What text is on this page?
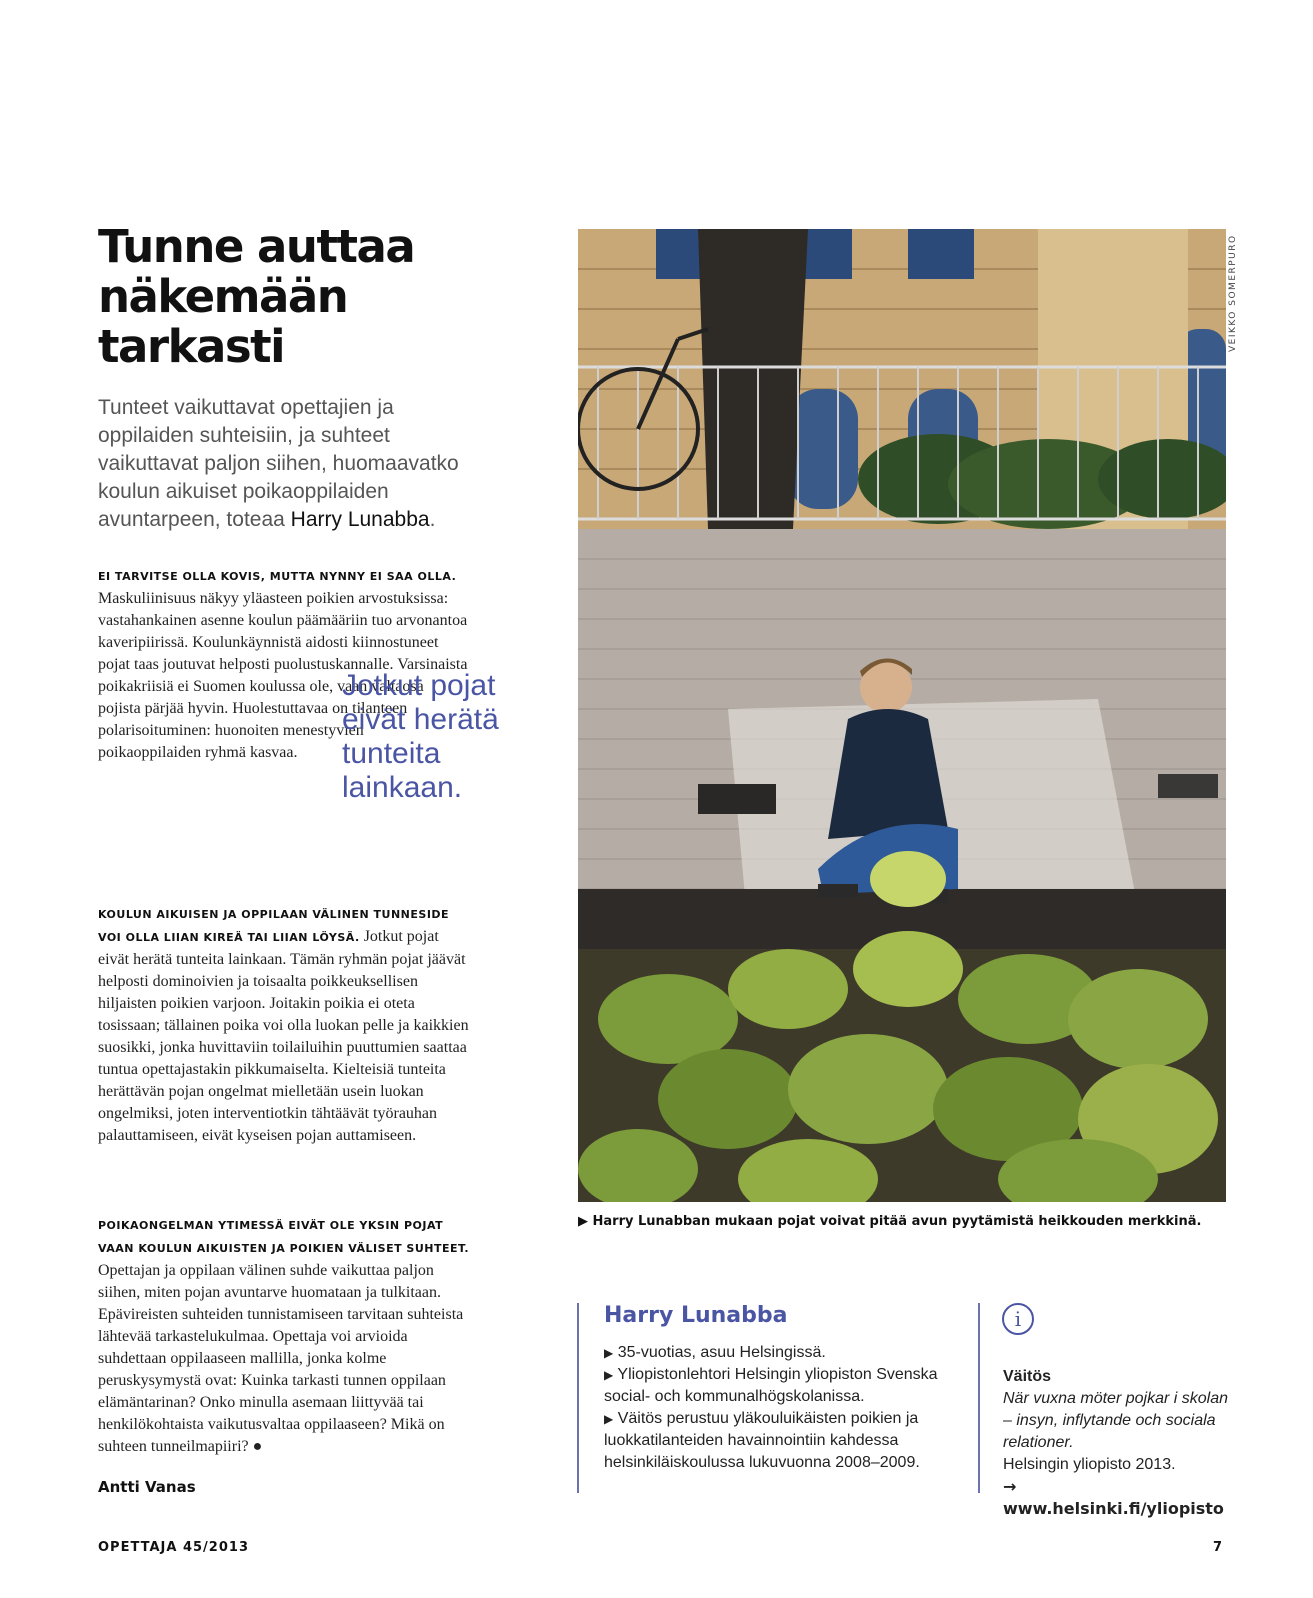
Tunne auttaa näkemään tarkasti

Tunteet vaikuttavat opettajien ja oppilaiden suhteisiin, ja suhteet vaikuttavat paljon siihen, huomaavatko koulun aikuiset poikaoppilaiden avuntarpeen, toteaa Harry Lunabba.

EI TARVITSE OLLA KOVIS, MUTTA NYNNY EI SAA OLLA. Maskuliinisuus näkyy yläasteen poikien arvostuksissa: vastahankainen asenne koulun päämääriin tuo arvonantoa kaveripiirissä. Koulunkäynnistä aidosti kiinnostuneet pojat taas joutuvat helposti puolustuskannalle. Varsinaista poikakriisiä ei Suomen koulussa ole, vaan valtaosa pojista pärjää hyvin. Huolestuttavaa on tilanteen polarisoituminen: huonoiten menestyvien poikaoppilaiden ryhmä kasvaa.

Jotkut pojat eivät herätä tunteita lainkaan.

KOULUN AIKUISEN JA OPPILAAN VÄLINEN TUNNESIDE VOI OLLA LIIAN KIREÄ TAI LIIAN LÖYSÄ. Jotkut pojat eivät herätä tunteita lainkaan. Tämän ryhmän pojat jäävät helposti dominoivien ja toisaalta poikkeuksellisen hiljaisten poikien varjoon. Joitakin poikia ei oteta tosissaan; tällainen poika voi olla luokan pelle ja kaikkien suosikki, jonka huvittaviin toilailuihin puuttumien saattaa tuntua opettajastakin pikkumaiselta. Kielteisiä tunteita herättävän pojan ongelmat mielletään usein luokan ongelmiksi, joten interventiotkin tähtäävät työrauhan palauttamiseen, eivät kyseisen pojan auttamiseen.

POIKAONGELMAN YTIMESSÄ EIVÄT OLE YKSIN POJAT VAAN KOULUN AIKUISTEN JA POIKIEN VÄLISET SUHTEET. Opettajan ja oppilaan välinen suhde vaikuttaa paljon siihen, miten pojan avuntarve huomataan ja tulkitaan. Epävireisten suhteiden tunnistamiseen tarvitaan suhteista lähtevää tarkastelukulmaa. Opettaja voi arvioida suhdettaan oppilaaseen mallilla, jonka kolme peruskysymystä ovat: Kuinka tarkasti tunnen oppilaan elämäntarinan? Onko minulla asemaan liittyvää tai henkilökohtaista vaikutusvaltaa oppilaaseen? Mikä on suhteen tunneilmapiiri? ●

Antti Vanas
VEIKKO SOMERPURO
▶ Harry Lunabban mukaan pojat voivat pitää avun pyytämistä heikkouden merkkinä.
Harry Lunabba
▶ 35-vuotias, asuu Helsingissä.
▶ Yliopistonlehtori Helsingin yliopiston Svenska social- och kommunalhögskolanissa.
▶ Väitös perustuu yläkouluikäisten poikien ja luokkatilanteiden havainnointiin kahdessa helsinkiläiskoulussa lukuvuonna 2008–2009.
i
Väitös
När vuxna möter pojkar i skolan – insyn, inflytande och sociala relationer.
Helsingin yliopisto 2013.
→ www.helsinki.fi/yliopisto
OPETTAJA 45/2013	7
